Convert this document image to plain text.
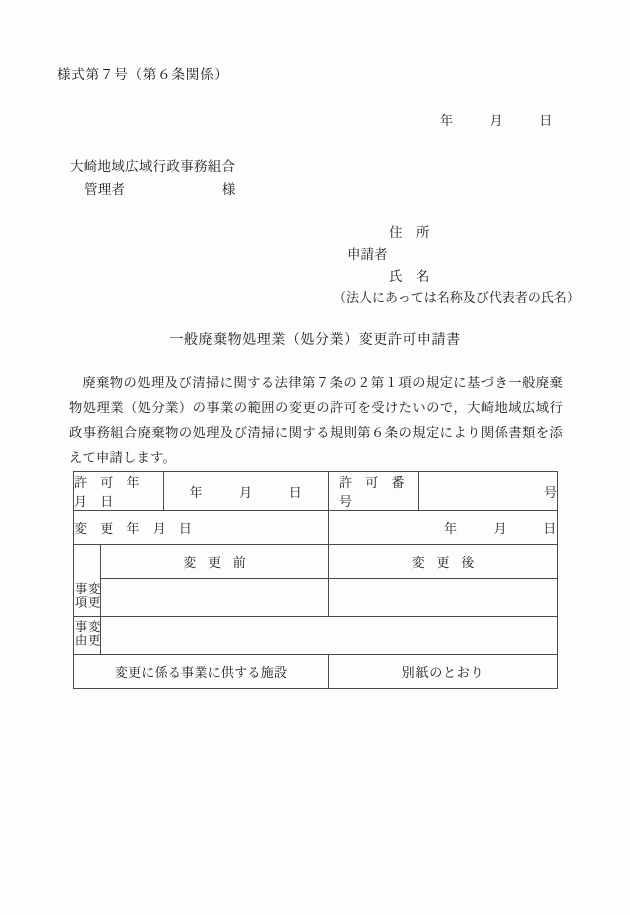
様式第７号（第６条関係）
年	月	日
大崎地域広域行政事務組合
管理者	様
住　所
申請者
氏　名
（法人にあっては名称及び代表者の氏名）
一般廃棄物処理業（処分業）変更許可申請書
廃棄物の処理及び清掃に関する法律第７条の２第１項の規定に基づき一般廃棄物処理業（処分業）の事業の範囲の変更の許可を受けたいので，大崎地域広域行政事務組合廃棄物の処理及び清掃に関する規則第６条の規定により関係書類を添えて申請します。
許 可 年 月 日		年 月 日	許 可 番 号	号
変 更 年 月 日			年 月 日	
	変更前		変更後	
変更事項				
変更事由				
変更に係る事業に供する施設			別紙のとおり	
